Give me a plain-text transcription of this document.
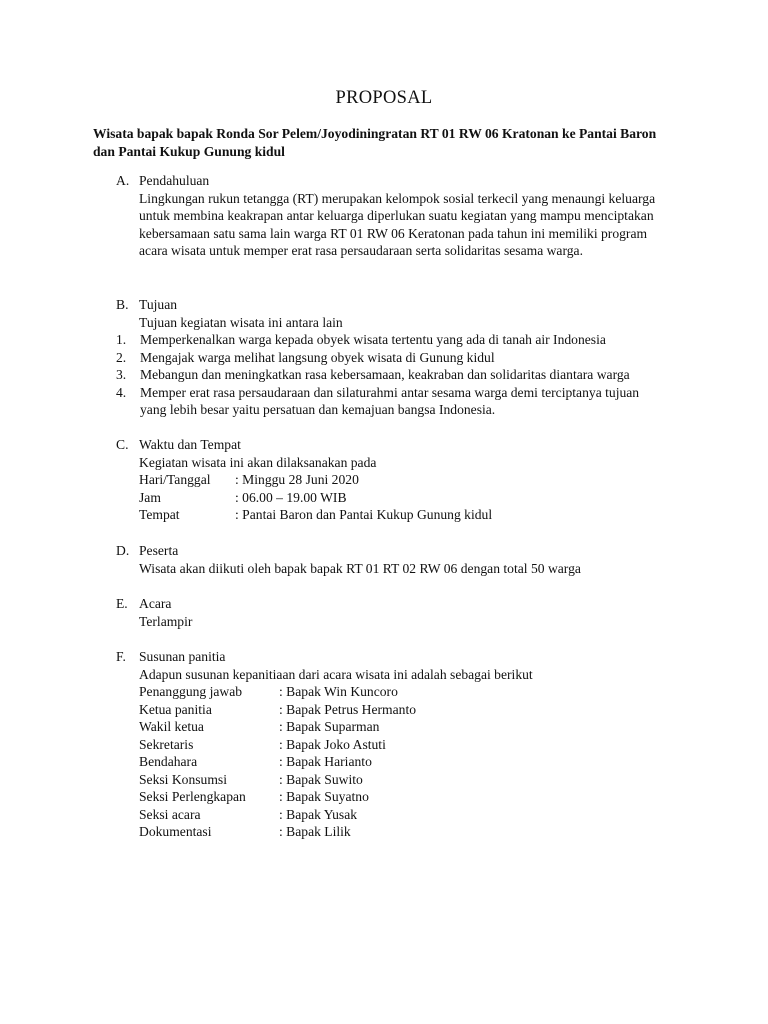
PROPOSAL
Wisata bapak bapak Ronda Sor Pelem/Joyodiningratan RT 01 RW 06 Kratonan ke Pantai Baron dan Pantai Kukup Gunung kidul
A. Pendahuluan

Lingkungan rukun tetangga (RT) merupakan kelompok sosial terkecil yang menaungi keluarga untuk membina keakrapan antar keluarga diperlukan suatu kegiatan yang mampu menciptakan kebersamaan satu sama lain warga RT 01 RW 06 Keratonan pada tahun ini memiliki program acara wisata untuk memper erat rasa persaudaraan serta solidaritas sesama warga.

B. Tujuan

Tujuan kegiatan wisata ini antara lain

1. Memperkenalkan warga kepada obyek wisata tertentu yang ada di tanah air Indonesia
2. Mengajak warga melihat langsung obyek wisata di Gunung kidul
3. Mebangun dan meningkatkan rasa kebersamaan, keakraban dan solidaritas diantara warga
4. Memper erat rasa persaudaraan dan silaturahmi antar sesama warga demi terciptanya tujuan yang lebih besar yaitu persatuan dan kemajuan bangsa Indonesia.
C. Waktu dan Tempat

Kegiatan wisata ini akan dilaksanakan pada

Hari/Tanggal	: Minggu 28 Juni 2020
Jam	: 06.00 – 19.00 WIB
Tempat	: Pantai Baron dan Pantai Kukup Gunung kidul
D. Peserta

Wisata akan diikuti oleh bapak bapak RT 01 RT 02 RW 06 dengan total 50 warga

E. Acara

Terlampir

F. Susunan panitia

Adapun susunan kepanitiaan dari acara wisata ini adalah sebagai berikut

Penanggung jawab	: Bapak Win Kuncoro
Ketua panitia	: Bapak Petrus Hermanto
Wakil ketua	: Bapak Suparman
Sekretaris	: Bapak Joko Astuti
Bendahara	: Bapak Harianto
Seksi Konsumsi	: Bapak Suwito
Seksi Perlengkapan	: Bapak Suyatno
Seksi acara	: Bapak Yusak
Dokumentasi	: Bapak Lilik
